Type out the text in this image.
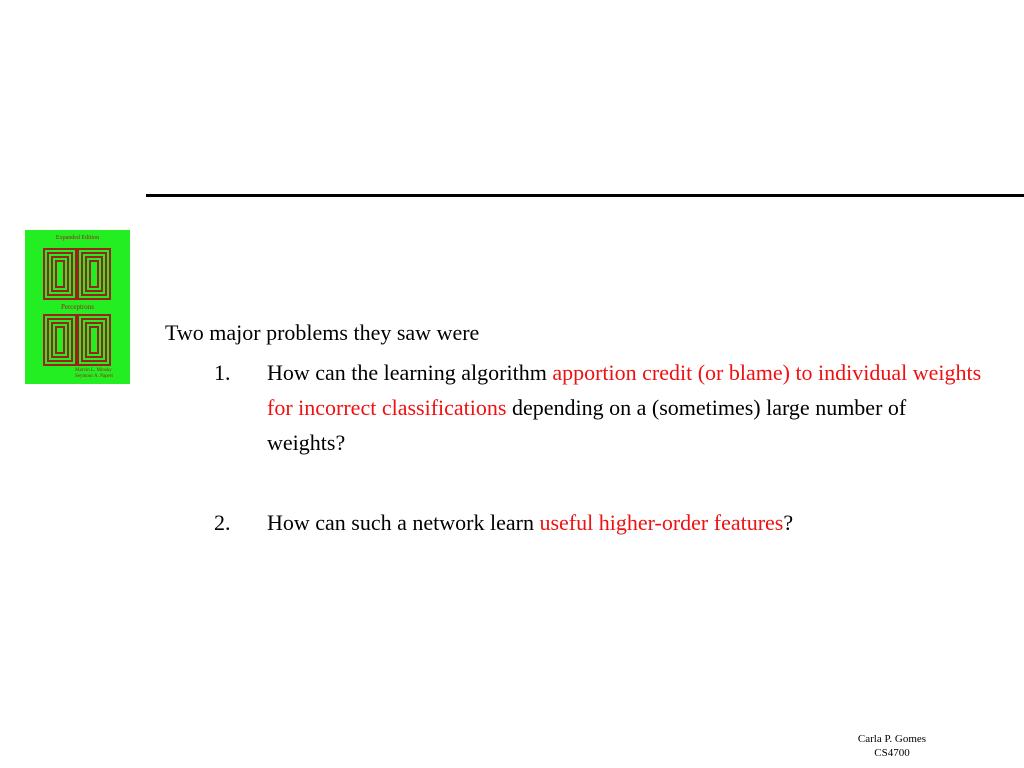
Expanded Edition
Perceptrons
Marvin L. Minsky
Seymour A. Papert

Two major problems they saw were

1. How can the learning algorithm apportion credit (or blame) to individual weights for incorrect classifications depending on a (sometimes) large number of weights?
2. How can such a network learn useful higher-order features?
Carla P. Gomes
CS4700
